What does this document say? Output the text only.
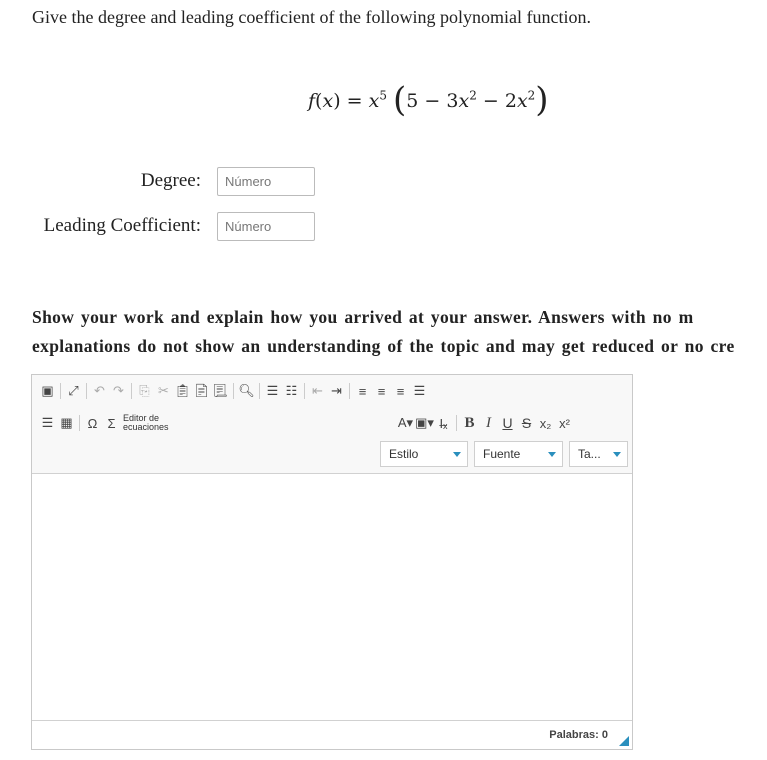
Give the degree and leading coefficient of the following polynomial function.
$f(x) = x^5$ $(5 - 3x^2 - 2x^2)$
Degree:
Número
Leading Coefficient:
Número
Show your work and explain how you arrived at your answer. Answers with no m
explanations do not show an understanding of the topic and may get reduced or no cre
▣	⤢	↶ ↷	⎘ ✂ 📋︎ 📄︎ 📃︎ 🔍︎ ☰ ☷	⇤ ⇥	≡ ≡ ≡ ☰
☰ ▦	Ω Σ Editor de
ecuaciones	A▾ ▣▾ I̶ₓ	B I U S x₂ x²
Estilo	Fuente	Ta...
Palabras: 0
